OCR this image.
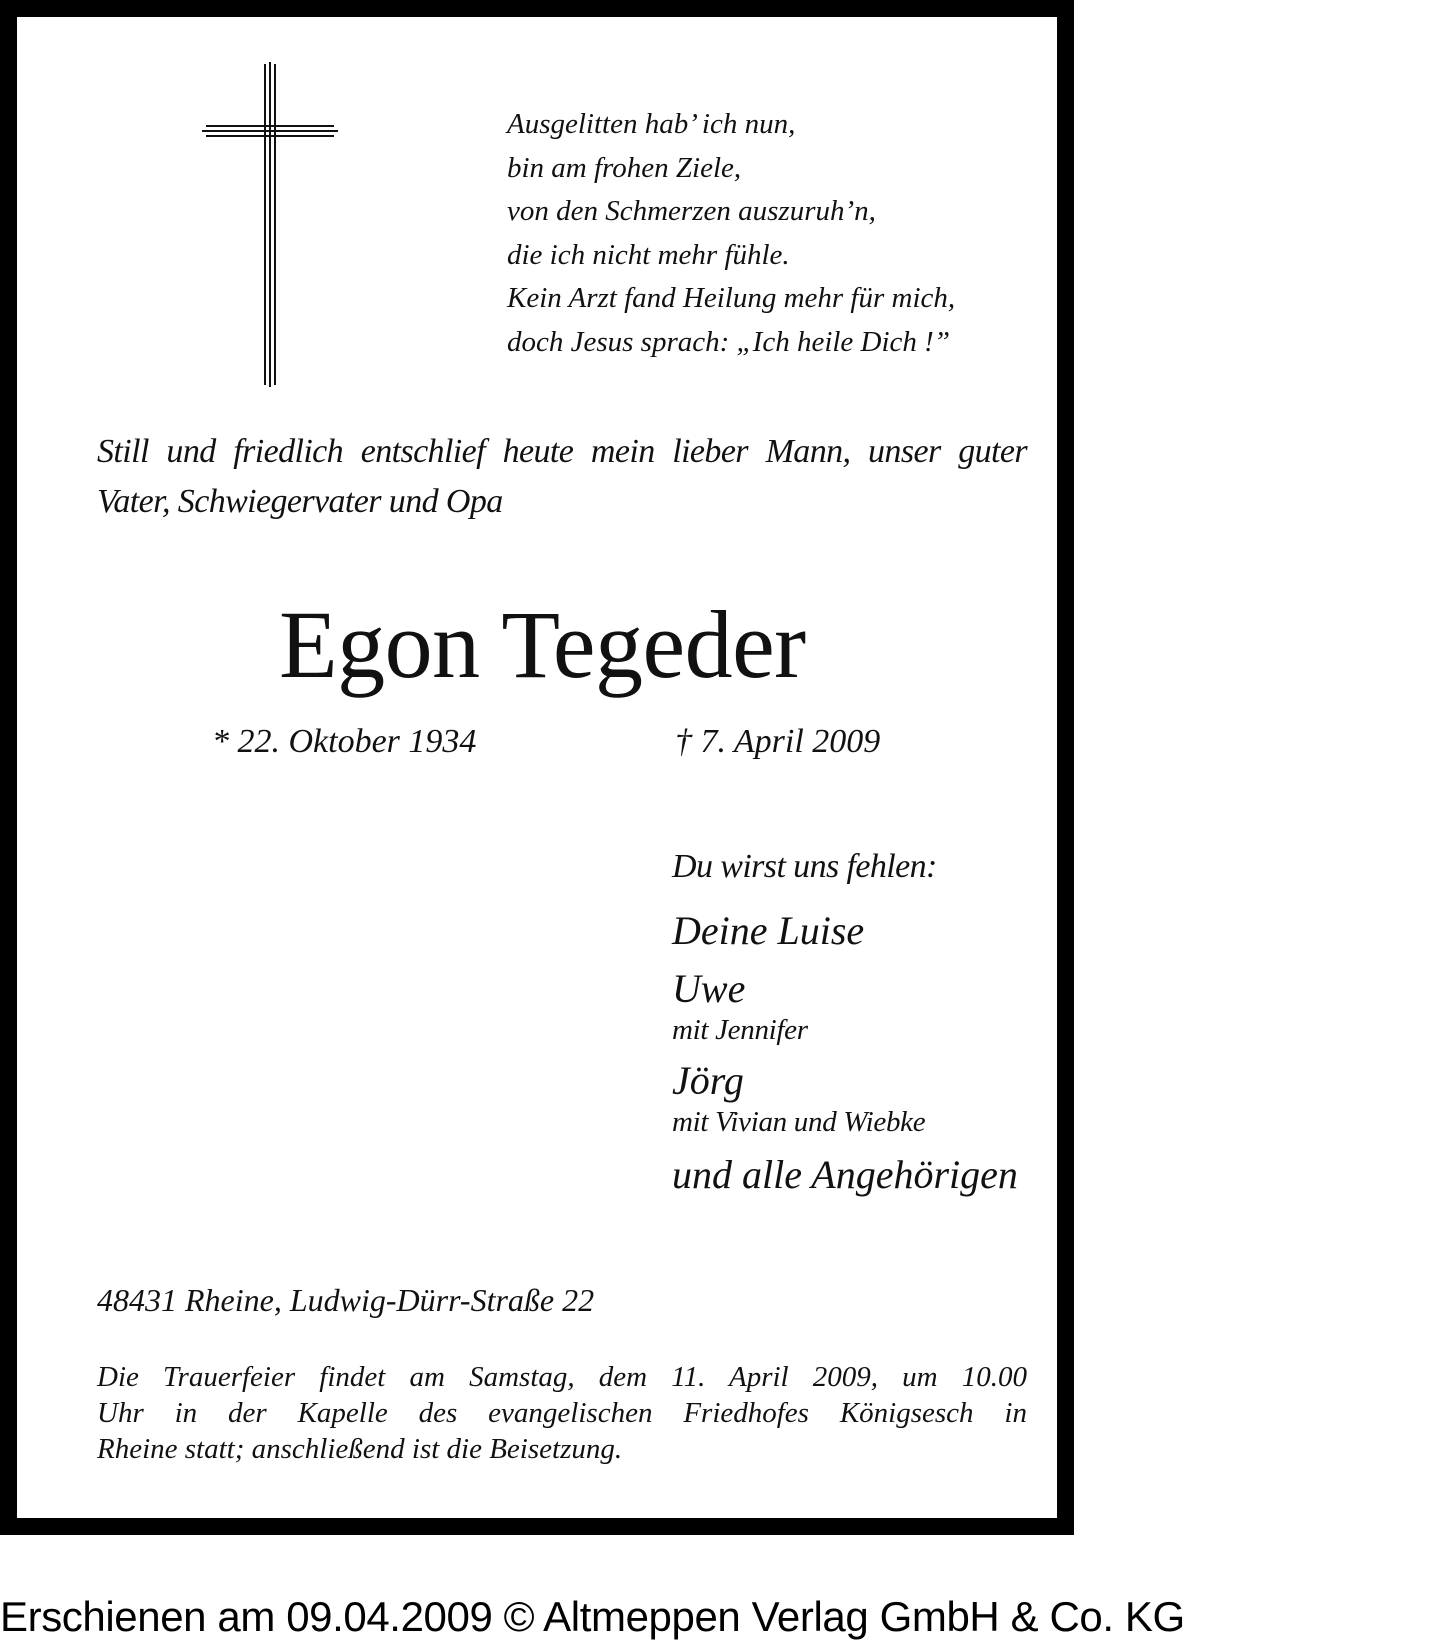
Ausgelitten hab’ ich nun,
bin am frohen Ziele,
von den Schmerzen auszuruh’n,
die ich nicht mehr fühle.
Kein Arzt fand Heilung mehr für mich,
doch Jesus sprach: „Ich heile Dich !”
Still und friedlich entschlief heute mein lieber Mann, unser guter
Vater, Schwiegervater und Opa
Egon Tegeder
* 22. Oktober 1934	† 7. April 2009
Du wirst uns fehlen:
Deine Luise
Uwe
mit Jennifer
Jörg
mit Vivian und Wiebke
und alle Angehörigen
48431 Rheine, Ludwig-Dürr-Straße 22
Die Trauerfeier findet am Samstag, dem 11. April 2009, um 10.00
Uhr in der Kapelle des evangelischen Friedhofes Königsesch in
Rheine statt; anschließend ist die Beisetzung.
Erschienen am 09.04.2009 © Altmeppen Verlag GmbH & Co. KG
